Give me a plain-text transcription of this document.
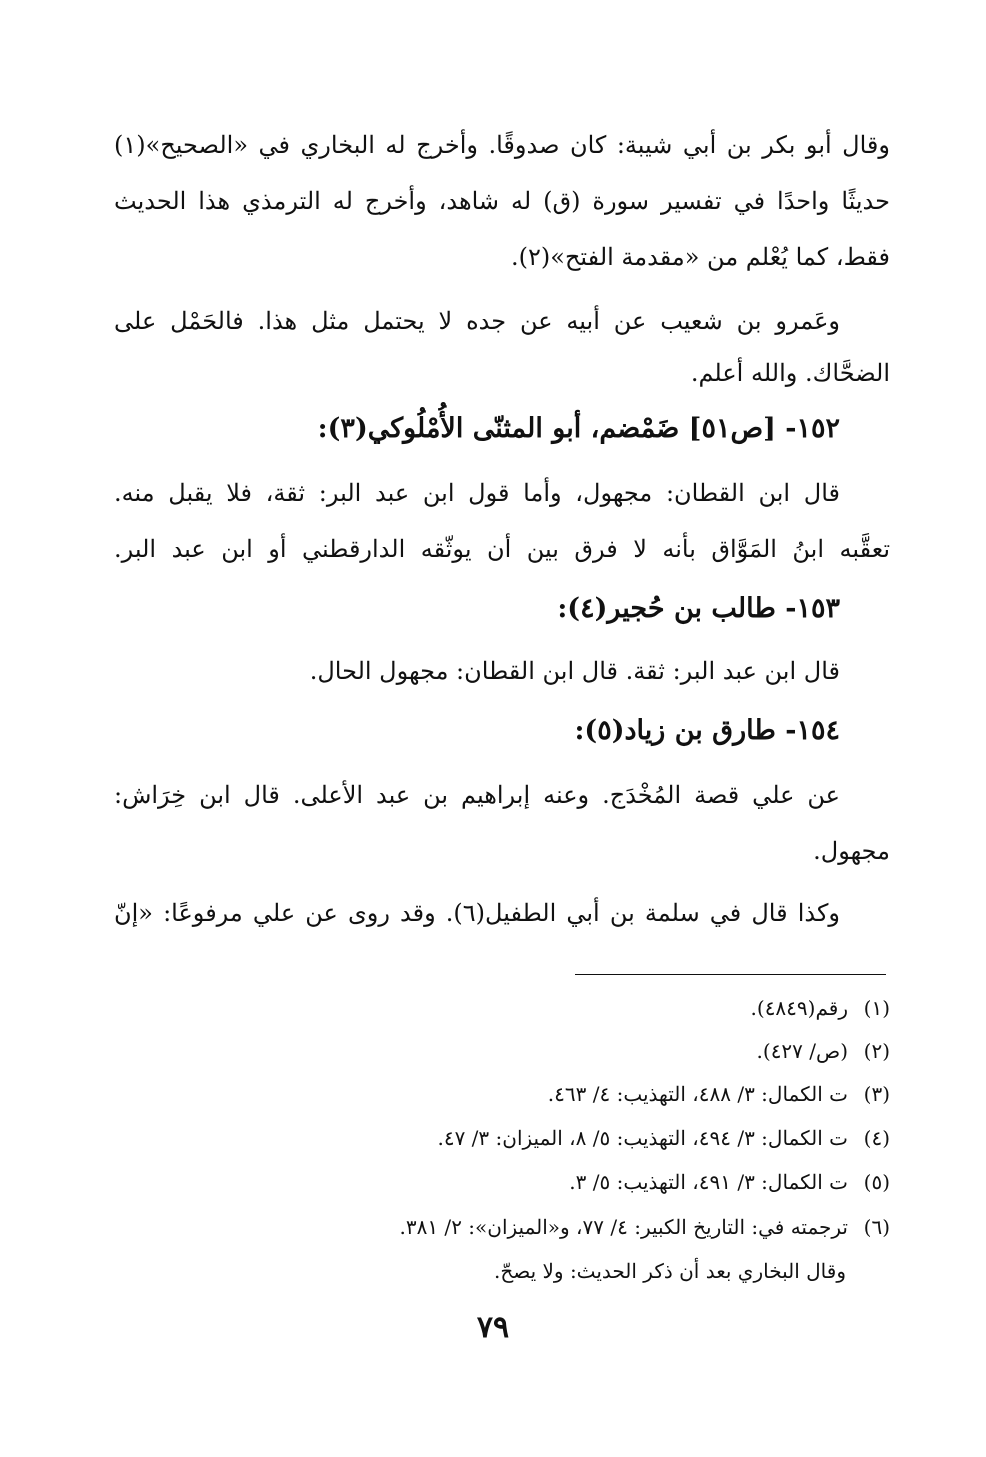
وقال أبو بكر بن أبي شيبة: كان صدوقًا. وأخرج له البخاري في «الصحيح»(١)
حديثًا واحدًا في تفسير سورة (ق) له شاهد، وأخرج له الترمذي هذا الحديث
فقط، كما يُعْلم من «مقدمة الفتح»(٢).
وعَمرو بن شعيب عن أبيه عن جده لا يحتمل مثل هذا. فالحَمْل على
الضحَّاك. والله أعلم.
١٥٢- [ص٥١] ضَمْضم، أبو المثنّى الأُمْلُوكي(٣):
قال ابن القطان: مجهول، وأما قول ابن عبد البر: ثقة، فلا يقبل منه.
تعقَّبه ابنُ المَوَّاق بأنه لا فرق بين أن يوثّقه الدارقطني أو ابن عبد البر.
١٥٣- طالب بن حُجير(٤):
قال ابن عبد البر: ثقة. قال ابن القطان: مجهول الحال.
١٥٤- طارق بن زياد(٥):
عن علي قصة المُخْدَج. وعنه إبراهيم بن عبد الأعلى. قال ابن خِرَاش:
مجهول.
وكذا قال في سلمة بن أبي الطفيل(٦). وقد روى عن علي مرفوعًا: «إنّ
(١)رقم(٤٨٤٩).
(٢)(ص/ ٤٢٧).
(٣)ت الكمال: ٣/ ٤٨٨، التهذيب: ٤/ ٤٦٣.
(٤)ت الكمال: ٣/ ٤٩٤، التهذيب: ٥/ ٨، الميزان: ٣/ ٤٧.
(٥)ت الكمال: ٣/ ٤٩١، التهذيب: ٥/ ٣.
(٦)ترجمته في: التاريخ الكبير: ٤/ ٧٧، و«الميزان»: ٢/ ٣٨١.
وقال البخاري بعد أن ذكر الحديث: ولا يصحّ.
٧٩
